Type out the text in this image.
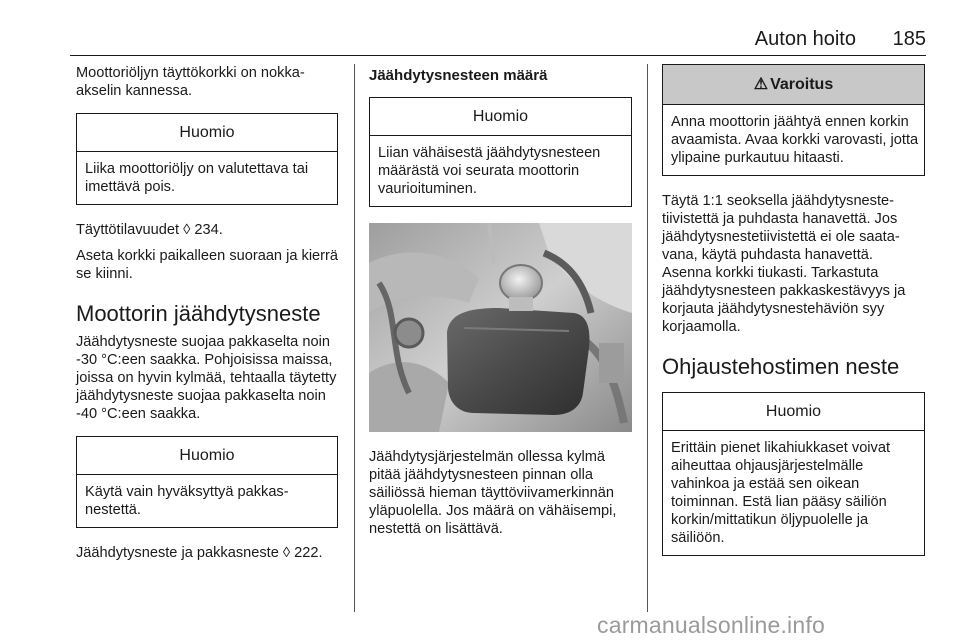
Auton hoito 185

Moottoriöljyn täyttökorkki on nokkaakselin kannessa.

Huomio
Liika moottoriöljy on valutettava tai imettävä pois.

Täyttötilavuudet ◊ 234.

Aseta korkki paikalleen suoraan ja kierrä se kiinni.

Moottorin jäähdytysneste

Jäähdytysneste suojaa pakkaselta noin -30 °C:een saakka. Pohjoisissa maissa, joissa on hyvin kylmää, tehtaalla täytetty jäähdytysneste suojaa pakkaselta noin -40 °C:een saakka.

Huomio
Käytä vain hyväksyttyä pakkasnestettä.

Jäähdytysneste ja pakkasneste ◊ 222.

Jäähdytysnesteen määrä
Huomio
Liian vähäisestä jäähdytysnesteen määrästä voi seurata moottorin vaurioituminen.

Jäähdytysjärjestelmän ollessa kylmä pitää jäähdytysnesteen pinnan olla säiliössä hieman täyttöviivamerkinnän yläpuolella. Jos määrä on vähäisempi, nestettä on lisättävä.

⚠ Varoitus
Anna moottorin jäähtyä ennen korkin avaamista. Avaa korkki varovasti, jotta ylipaine purkautuu hitaasti.

Täytä 1:1 seoksella jäähdytysnestetiivistettä ja puhdasta hanavettä. Jos jäähdytysnestetiivistettä ei ole saatavana, käytä puhdasta hanavettä. Asenna korkki tiukasti. Tarkastuta jäähdytysnesteen pakkaskestävyys ja korjauta jäähdytysnestehäviön syy korjaamolla.

Ohjaustehostimen neste
Huomio
Erittäin pienet likahiukkaset voivat aiheuttaa ohjausjärjestelmälle vahinkoa ja estää sen oikean toiminnan. Estä lian pääsy säiliön korkin/mittatikun öljypuolelle ja säiliöön.
carmanualsonline.info
